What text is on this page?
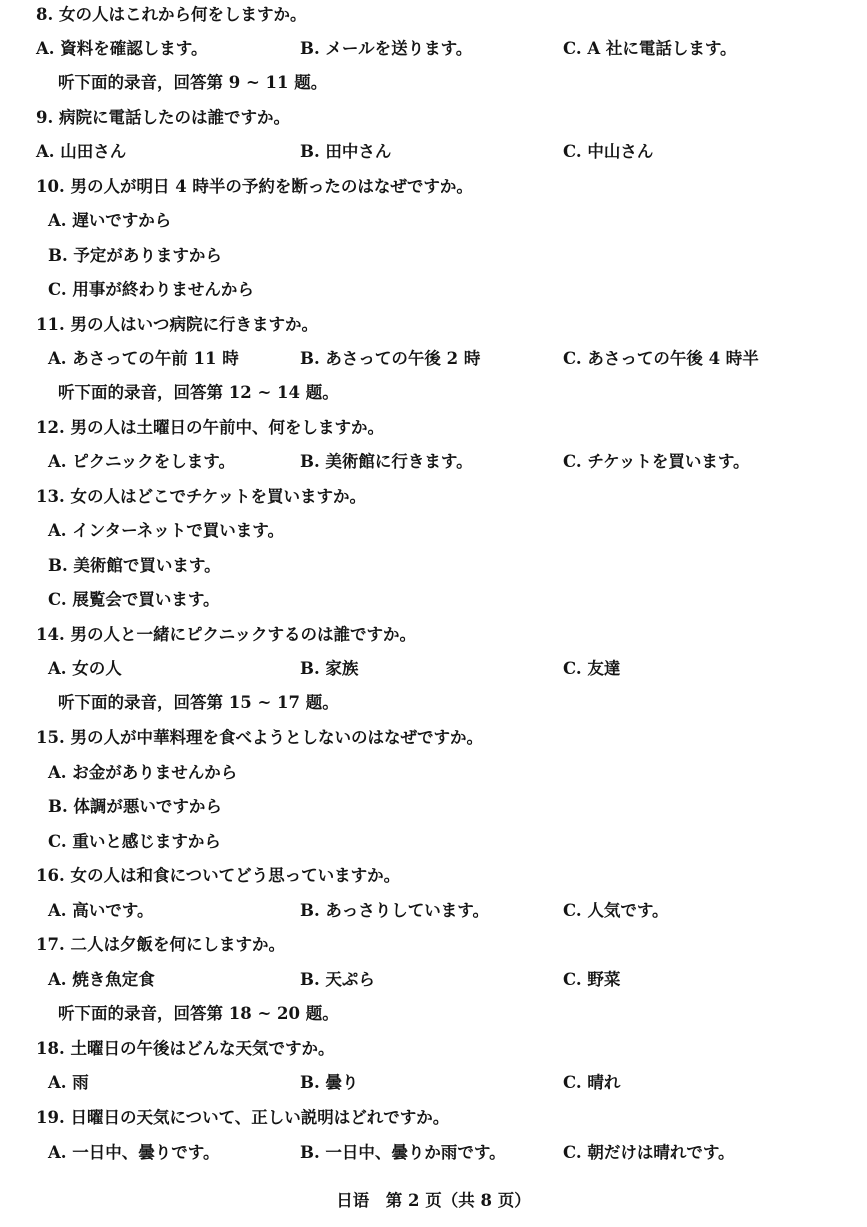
8. 女の人はこれから何をしますか。
A. 資料を確認します。	B. メールを送ります。	C. A 社に電話します。
听下面的录音，回答第 9 ~ 11 题。
9. 病院に電話したのは誰ですか。
A. 山田さん	B. 田中さん	C. 中山さん
10. 男の人が明日 4 時半の予約を断ったのはなぜですか。
A. 遅いですから
B. 予定がありますから
C. 用事が終わりませんから
11. 男の人はいつ病院に行きますか。
A. あさっての午前 11 時	B. あさっての午後 2 時	C. あさっての午後 4 時半
听下面的录音，回答第 12 ~ 14 题。
12. 男の人は土曜日の午前中、何をしますか。
A. ピクニックをします。	B. 美術館に行きます。	C. チケットを買います。
13. 女の人はどこでチケットを買いますか。
A. インターネットで買います。
B. 美術館で買います。
C. 展覧会で買います。
14. 男の人と一緒にピクニックするのは誰ですか。
A. 女の人	B. 家族	C. 友達
听下面的录音，回答第 15 ~ 17 题。
15. 男の人が中華料理を食べようとしないのはなぜですか。
A. お金がありませんから
B. 体調が悪いですから
C. 重いと感じますから
16. 女の人は和食についてどう思っていますか。
A. 高いです。	B. あっさりしています。	C. 人気です。
17. 二人は夕飯を何にしますか。
A. 焼き魚定食	B. 天ぷら	C. 野菜
听下面的录音，回答第 18 ~ 20 题。
18. 土曜日の午後はどんな天気ですか。
A. 雨	B. 曇り	C. 晴れ
19. 日曜日の天気について、正しい説明はどれですか。
A. 一日中、曇りです。	B. 一日中、曇りか雨です。	C. 朝だけは晴れです。
日语　第 2 页（共 8 页）
